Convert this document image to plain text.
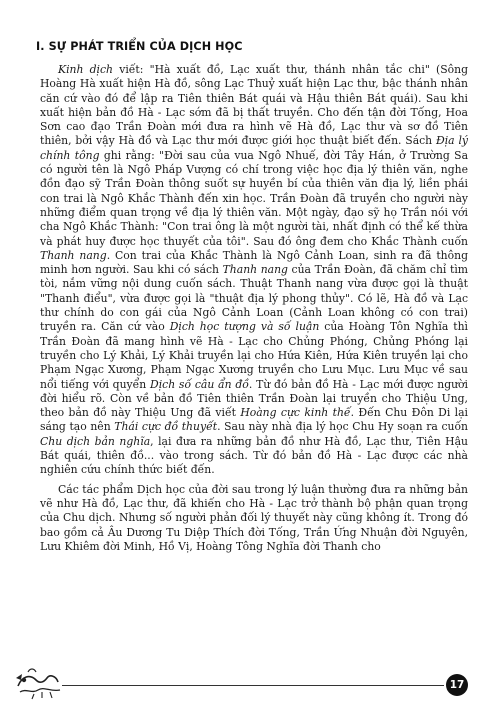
I. SỰ PHÁT TRIỂN CỦA DỊCH HỌC

Kinh dịch viết: "Hà xuất đồ, Lạc xuất thư, thánh nhân tắc chi" (Sông Hoàng Hà xuất hiện Hà đồ, sông Lạc Thuỷ xuất hiện Lạc thư, bậc thánh nhân căn cứ vào đó để lập ra Tiên thiên Bát quái và Hậu thiên Bát quái). Sau khi xuất hiện bản đồ Hà - Lạc sớm đã bị thất truyền. Cho đến tận đời Tống, Hoa Sơn cao đạo Trần Đoàn mới đưa ra hình vẽ Hà đồ, Lạc thư và sơ đồ Tiên thiên, bởi vậy Hà đồ và Lạc thư mới được giới học thuật biết đến. Sách Địa lý chính tông ghi rằng: "Đời sau của vua Ngô Nhuế, đời Tây Hán, ở Trường Sa có người tên là Ngô Pháp Vượng có chí trong việc học địa lý thiên văn, nghe đồn đạo sỹ Trần Đoàn thông suốt sự huyền bí của thiên văn địa lý, liền phái con trai là Ngô Khắc Thành đến xin học. Trần Đoàn đã truyền cho người này những điểm quan trọng về địa lý thiên văn. Một ngày, đạo sỹ họ Trần nói với cha Ngô Khắc Thành: "Con trai ông là một người tài, nhất định có thể kế thừa và phát huy được học thuyết của tôi". Sau đó ông đem cho Khắc Thành cuốn Thanh nang. Con trai của Khắc Thành là Ngô Cảnh Loan, sinh ra đã thông minh hơn người. Sau khi có sách Thanh nang của Trần Đoàn, đã chăm chỉ tìm tòi, nắm vững nội dung cuốn sách. Thuật Thanh nang vừa được gọi là thuật "Thanh điểu", vừa được gọi là "thuật địa lý phong thủy". Có lẽ, Hà đồ và Lạc thư chính do con gái của Ngô Cảnh Loan (Cảnh Loan không có con trai) truyền ra. Căn cứ vào Dịch học tượng và số luận của Hoàng Tôn Nghĩa thì Trần Đoàn đã mang hình vẽ Hà - Lạc cho Chủng Phóng, Chủng Phóng lại truyền cho Lý Khải, Lý Khải truyền lại cho Hứa Kiên, Hứa Kiên truyền lại cho Phạm Ngạc Xương, Phạm Ngạc Xương truyền cho Lưu Mục. Lưu Mục về sau nổi tiếng với quyển Dịch số câu ẩn đồ. Từ đó bản đồ Hà - Lạc mới được người đời hiểu rõ. Còn về bản đồ Tiên thiên Trần Đoàn lại truyền cho Thiệu Ung, theo bản đồ này Thiệu Ung đã viết Hoàng cực kinh thế. Đến Chu Đôn Di lại sáng tạo nên Thái cực đồ thuyết. Sau này nhà địa lý học Chu Hy soạn ra cuốn Chu dịch bản nghĩa, lại đưa ra những bản đồ như Hà đồ, Lạc thư, Tiên Hậu Bát quái, thiên đồ... vào trong sách. Từ đó bản đồ Hà - Lạc được các nhà nghiên cứu chính thức biết đến.

Các tác phẩm Dịch học của đời sau trong lý luận thường đưa ra những bản vẽ như Hà đồ, Lạc thư, đã khiến cho Hà - Lạc trở thành bộ phận quan trọng của Chu dịch. Nhưng số người phản đối lý thuyết này cũng không ít. Trong đó bao gồm cả Âu Dương Tu Diệp Thích đời Tống, Trần Ứng Nhuận đời Nguyên, Lưu Khiêm đời Minh, Hồ Vị, Hoàng Tông Nghĩa đời Thanh cho

17
